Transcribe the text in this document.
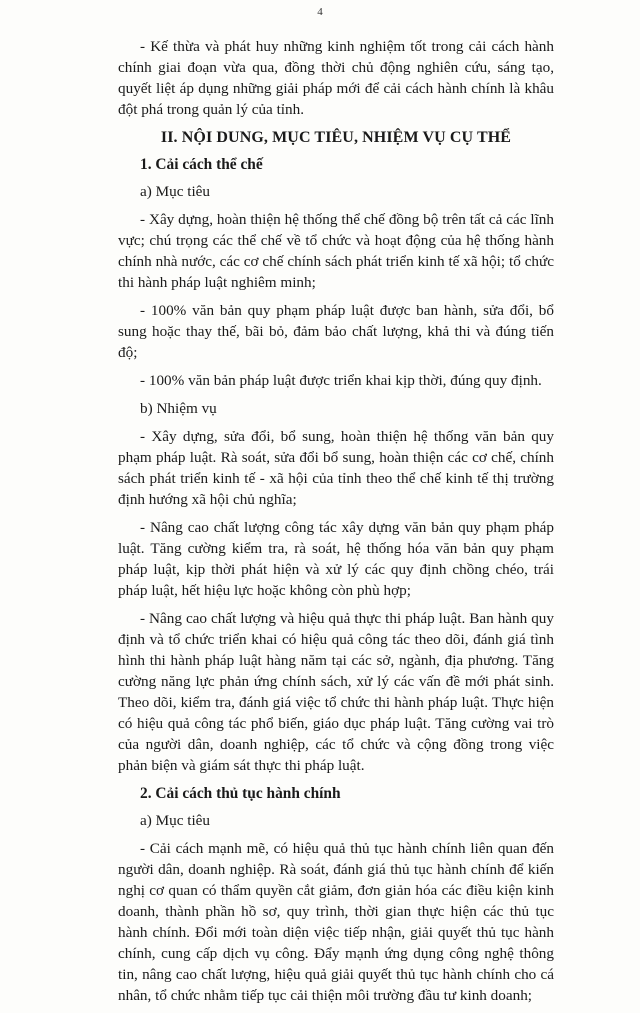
4

- Kế thừa và phát huy những kinh nghiệm tốt trong cải cách hành chính giai đoạn vừa qua, đồng thời chủ động nghiên cứu, sáng tạo, quyết liệt áp dụng những giải pháp mới để cải cách hành chính là khâu đột phá trong quản lý của tỉnh.

II. NỘI DUNG, MỤC TIÊU, NHIỆM VỤ CỤ THỂ
1. Cải cách thể chế

a) Mục tiêu

- Xây dựng, hoàn thiện hệ thống thể chế đồng bộ trên tất cả các lĩnh vực; chú trọng các thể chế về tổ chức và hoạt động của hệ thống hành chính nhà nước, các cơ chế chính sách phát triển kinh tế xã hội; tổ chức thi hành pháp luật nghiêm minh;

- 100% văn bản quy phạm pháp luật được ban hành, sửa đổi, bổ sung hoặc thay thế, bãi bỏ, đảm bảo chất lượng, khả thi và đúng tiến độ;

- 100% văn bản pháp luật được triển khai kịp thời, đúng quy định.

b) Nhiệm vụ

- Xây dựng, sửa đổi, bổ sung, hoàn thiện hệ thống văn bản quy phạm pháp luật. Rà soát, sửa đổi bổ sung, hoàn thiện các cơ chế, chính sách phát triển kinh tế - xã hội của tỉnh theo thể chế kinh tế thị trường định hướng xã hội chủ nghĩa;

- Nâng cao chất lượng công tác xây dựng văn bản quy phạm pháp luật. Tăng cường kiểm tra, rà soát, hệ thống hóa văn bản quy phạm pháp luật, kịp thời phát hiện và xử lý các quy định chồng chéo, trái pháp luật, hết hiệu lực hoặc không còn phù hợp;

- Nâng cao chất lượng và hiệu quả thực thi pháp luật. Ban hành quy định và tổ chức triển khai có hiệu quả công tác theo dõi, đánh giá tình hình thi hành pháp luật hàng năm tại các sở, ngành, địa phương. Tăng cường năng lực phản ứng chính sách, xử lý các vấn đề mới phát sinh. Theo dõi, kiểm tra, đánh giá việc tổ chức thi hành pháp luật. Thực hiện có hiệu quả công tác phổ biến, giáo dục pháp luật. Tăng cường vai trò của người dân, doanh nghiệp, các tổ chức và cộng đồng trong việc phản biện và giám sát thực thi pháp luật.

2. Cải cách thủ tục hành chính

a) Mục tiêu

- Cải cách mạnh mẽ, có hiệu quả thủ tục hành chính liên quan đến người dân, doanh nghiệp. Rà soát, đánh giá thủ tục hành chính để kiến nghị cơ quan có thẩm quyền cắt giảm, đơn giản hóa các điều kiện kinh doanh, thành phần hồ sơ, quy trình, thời gian thực hiện các thủ tục hành chính. Đổi mới toàn diện việc tiếp nhận, giải quyết thủ tục hành chính, cung cấp dịch vụ công. Đẩy mạnh ứng dụng công nghệ thông tin, nâng cao chất lượng, hiệu quả giải quyết thủ tục hành chính cho cá nhân, tổ chức nhằm tiếp tục cải thiện môi trường đầu tư kinh doanh;
